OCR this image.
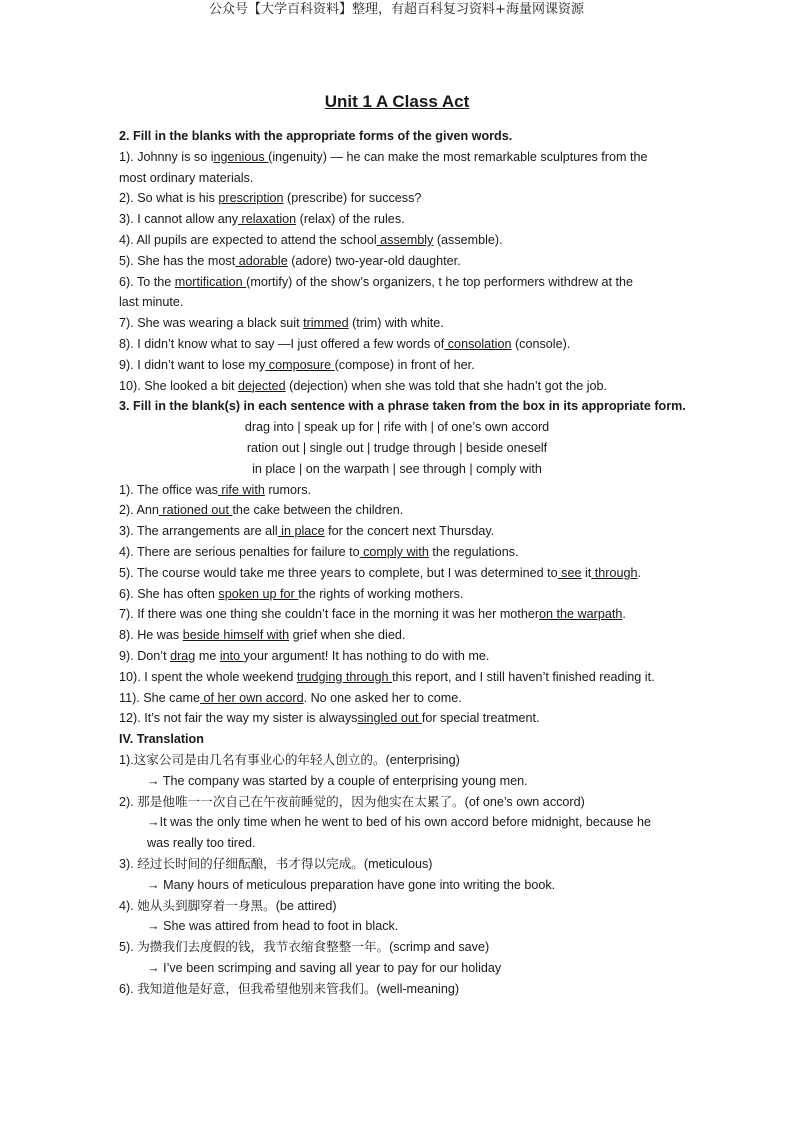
公众号【大学百科资料】整理，有超百科复习资料+海量网课资源
Unit 1 A Class Act
2. Fill in the blanks with the appropriate forms of the given words.
1). Johnny is so ingenious (ingenuity) — he can make the most remarkable sculptures from the
most ordinary materials.
2). So what is his prescription (prescribe) for success?
3). I cannot allow any relaxation (relax) of the rules.
4). All pupils are expected to attend the school assembly (assemble).
5). She has the most adorable (adore) two-year-old daughter.
6). To the mortification (mortify) of the show’s organizers, t he top performers withdrew at the
last minute.
7). She was wearing a black suit trimmed (trim) with white.
8). I didn’t know what to say —I just offered a few words of consolation (console).
9). I didn’t want to lose my composure (compose) in front of her.
10). She looked a bit dejected (dejection) when she was told that she hadn’t got the job.
3. Fill in the blank(s) in each sentence with a phrase taken from the box in its appropriate form.
drag into | speak up for | rife with | of one’s own accord
ration out | single out | trudge through | beside oneself
in place | on the warpath | see through | comply with
1). The office was rife with rumors.
2). Ann rationed out the cake between the children.
3). The arrangements are all in place for the concert next Thursday.
4). There are serious penalties for failure to comply with the regulations.
5). The course would take me three years to complete, but I was determined to see it through.
6). She has often spoken up for the rights of working mothers.
7). If there was one thing she couldn’t face in the morning it was her motheron the warpath.
8). He was beside himself with grief when she died.
9). Don’t drag me into your argument! It has nothing to do with me.
10). I spent the whole weekend trudging through this report, and I still haven’t finished reading it.
11). She came of her own accord. No one asked her to come.
12). It’s not fair the way my sister is alwayssingled out for special treatment.
IV. Translation
1).这家公司是由几名有事业心的年轻人创立的。(enterprising)
→ The company was started by a couple of enterprising young men.
2). 那是他唯一一次自己在午夜前睡觉的，因为他实在太累了。(of one’s own accord)
→It was the only time when he went to bed of his own accord before midnight, because he
was really too tired.
3). 经过长时间的仔细酝酿，书才得以完成。(meticulous)
→ Many hours of meticulous preparation have gone into writing the book.
4). 她从头到脚穿着一身黑。(be attired)
→ She was attired from head to foot in black.
5). 为攒我们去度假的钱，我节衣缩食整整一年。(scrimp and save)
→ I’ve been scrimping and saving all year to pay for our holiday
6). 我知道他是好意，但我希望他别来管我们。(well-meaning)
